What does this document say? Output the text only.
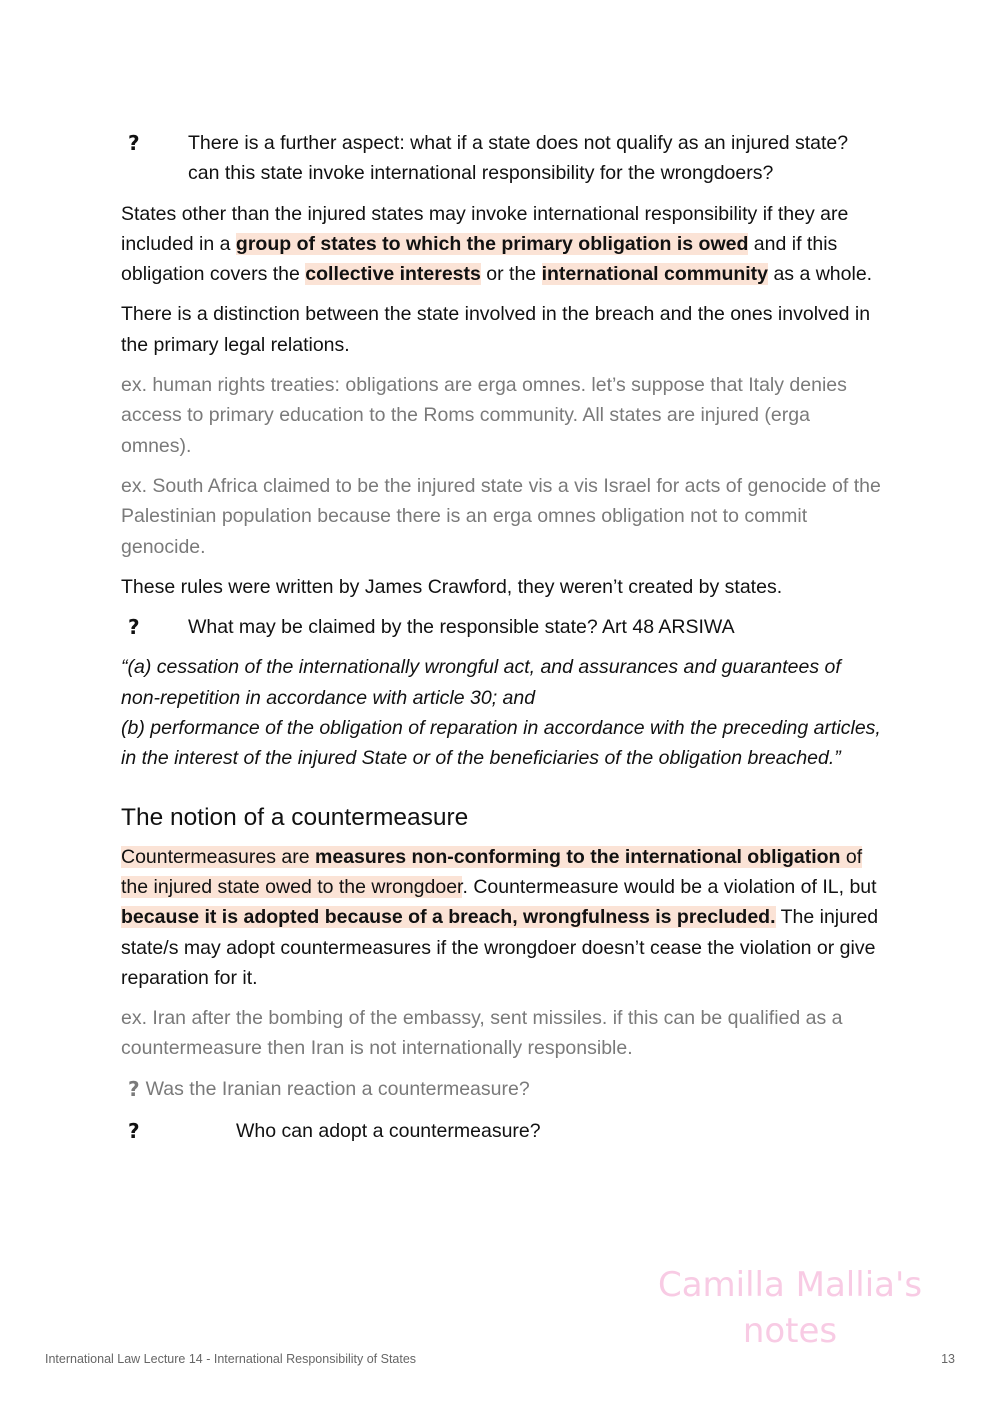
?	There is a further aspect: what if a state does not qualify as an injured state? can this state invoke international responsibility for the wrongdoers?

States other than the injured states may invoke international responsibility if they are included in a group of states to which the primary obligation is owed and if this obligation covers the collective interests or the international community as a whole.

There is a distinction between the state involved in the breach and the ones involved in the primary legal relations.

ex. human rights treaties: obligations are erga omnes. let’s suppose that Italy denies access to primary education to the Roms community. All states are injured (erga omnes).

ex. South Africa claimed to be the injured state vis a vis Israel for acts of genocide of the Palestinian population because there is an erga omnes obligation not to commit genocide.

These rules were written by James Crawford, they weren’t created by states.

?	What may be claimed by the responsible state? Art 48 ARSIWA
“(a) cessation of the internationally wrongful act, and assurances and guarantees of non-repetition in accordance with article 30; and
(b) performance of the obligation of reparation in accordance with the preceding articles, in the interest of the injured State or of the beneficiaries of the obligation breached.”
The notion of a countermeasure

Countermeasures are measures non-conforming to the international obligation of the injured state owed to the wrongdoer. Countermeasure would be a violation of IL, but because it is adopted because of a breach, wrongfulness is precluded. The injured state/s may adopt countermeasures if the wrongdoer doesn’t cease the violation or give reparation for it.

ex. Iran after the bombing of the embassy, sent missiles. if this can be qualified as a countermeasure then Iran is not internationally responsible.

? Was the Iranian reaction a countermeasure?
?	Who can adopt a countermeasure?
Camilla Mallia's
notes
International Law Lecture 14 - International Responsibility of States	13
